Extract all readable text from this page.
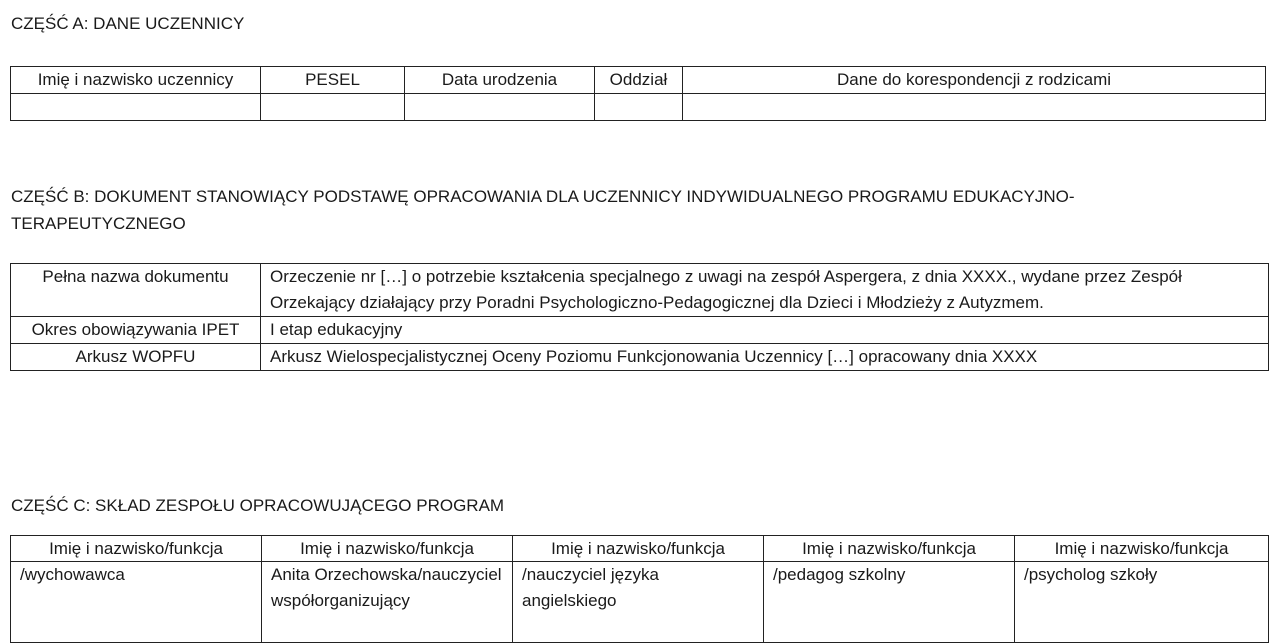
CZĘŚĆ A: DANE UCZENNICY
Imię i nazwisko uczennicy	PESEL	Data urodzenia	Oddział	Dane do korespondencji z rodzicami

CZĘŚĆ B: DOKUMENT STANOWIĄCY PODSTAWĘ OPRACOWANIA DLA UCZENNICY INDYWIDUALNEGO PROGRAMU EDUKACYJNO-TERAPEUTYCZNEGO
Pełna nazwa dokumentu	Orzeczenie nr […] o potrzebie kształcenia specjalnego z uwagi na zespół Aspergera, z dnia XXXX., wydane przez Zespół Orzekający działający przy Poradni Psychologiczno-Pedagogicznej dla Dzieci i Młodzieży z Autyzmem.
Okres obowiązywania IPET	I etap edukacyjny
Arkusz WOPFU	Arkusz Wielospecjalistycznej Oceny Poziomu Funkcjonowania Uczennicy […] opracowany dnia XXXX
CZĘŚĆ C: SKŁAD ZESPOŁU OPRACOWUJĄCEGO PROGRAM
Imię i nazwisko/funkcja	Imię i nazwisko/funkcja	Imię i nazwisko/funkcja	Imię i nazwisko/funkcja	Imię i nazwisko/funkcja
/wychowawca	Anita Orzechowska/nauczyciel współorganizujący	/nauczyciel języka angielskiego	/pedagog szkolny	/psycholog szkoły
